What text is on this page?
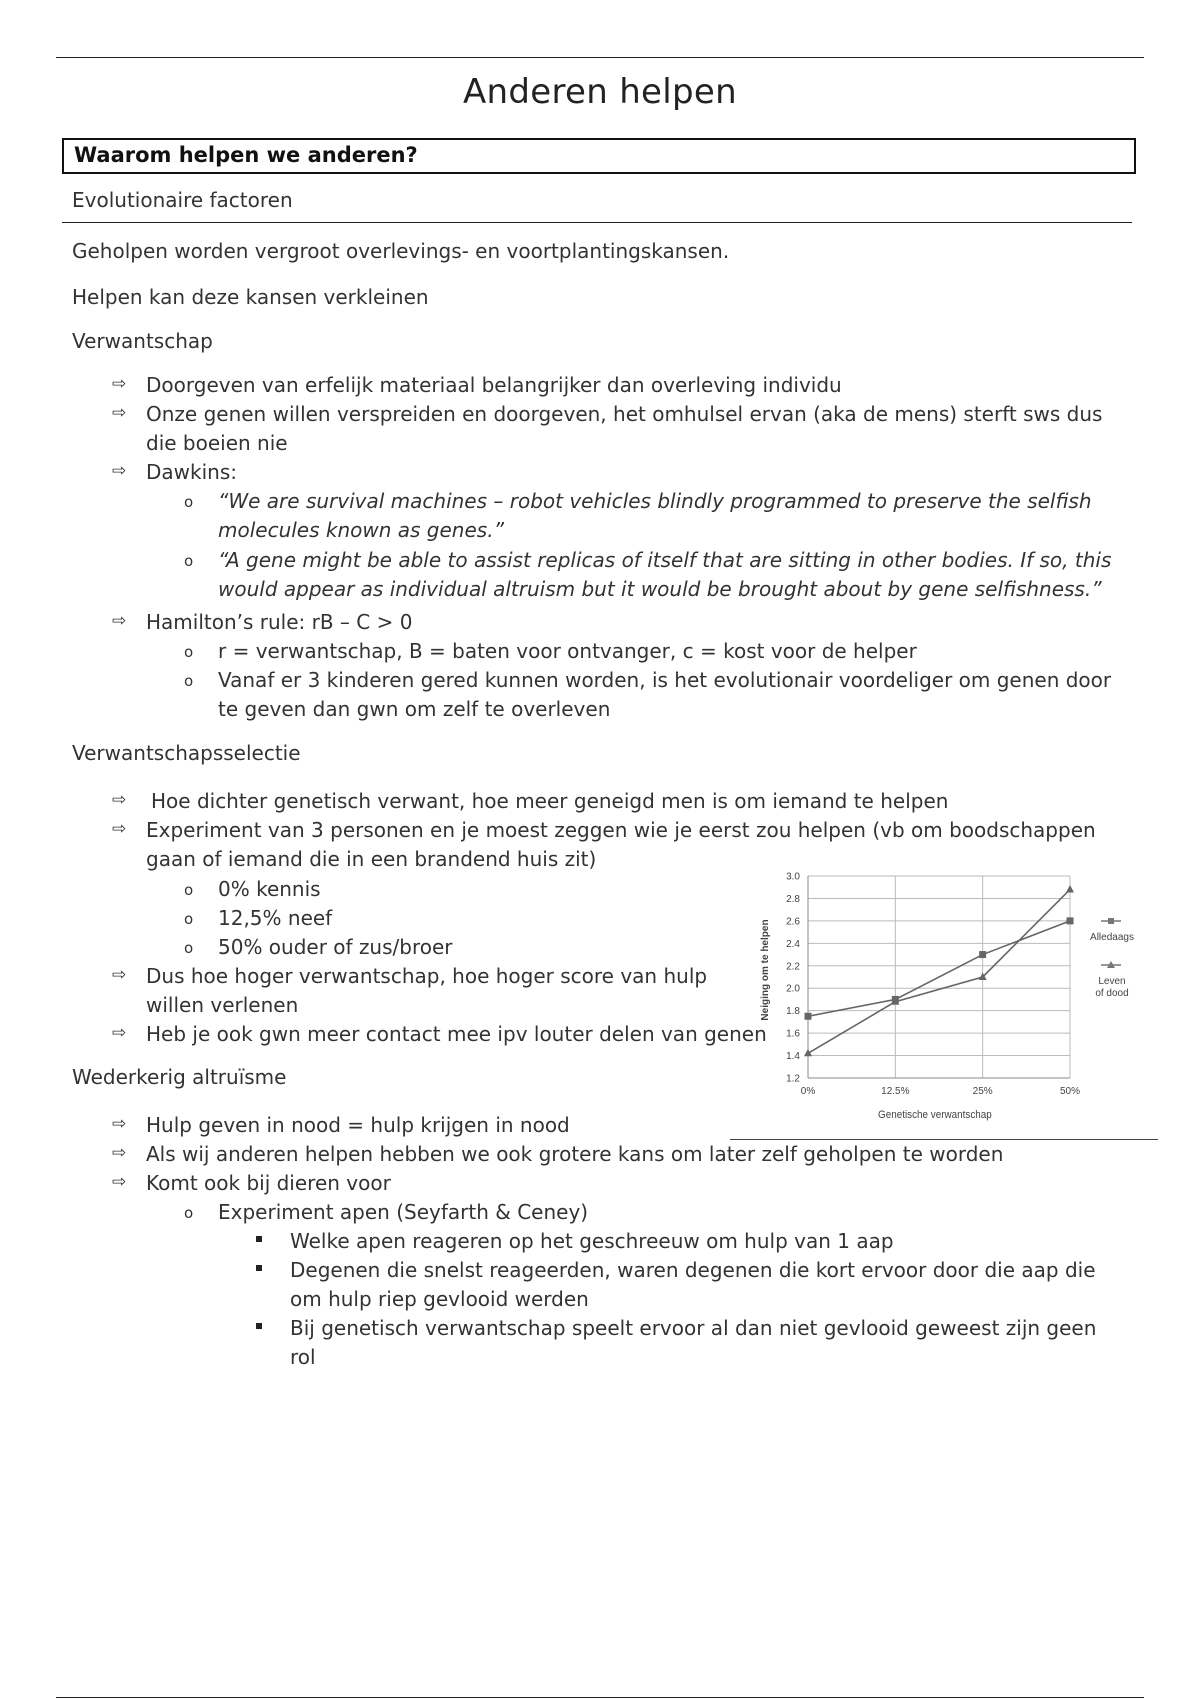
Anderen helpen
Waarom helpen we anderen?
Evolutionaire factoren
Geholpen worden vergroot overlevings- en voortplantingskansen.
Helpen kan deze kansen verkleinen
Verwantschap
⇨ Doorgeven van erfelijk materiaal belangrijker dan overleving individu
⇨ Onze genen willen verspreiden en doorgeven, het omhulsel ervan (aka de mens) sterft sws dus
die boeien nie
⇨ Dawkins:
o “We are survival machines – robot vehicles blindly programmed to preserve the selfish
molecules known as genes.”
o “A gene might be able to assist replicas of itself that are sitting in other bodies. If so, this
would appear as individual altruism but it would be brought about by gene selfishness.”
⇨ Hamilton’s rule: rB – C > 0
o r = verwantschap, B = baten voor ontvanger, c = kost voor de helper
o Vanaf er 3 kinderen gered kunnen worden, is het evolutionair voordeliger om genen door
te geven dan gwn om zelf te overleven
Verwantschapsselectie
⇨ Hoe dichter genetisch verwant, hoe meer geneigd men is om iemand te helpen
⇨ Experiment van 3 personen en je moest zeggen wie je eerst zou helpen (vb om boodschappen
gaan of iemand die in een brandend huis zit)
o 0% kennis
o 12,5% neef
o 50% ouder of zus/broer
⇨ Dus hoe hoger verwantschap, hoe hoger score van hulp
willen verlenen
⇨ Heb je ook gwn meer contact mee ipv louter delen van genen
Wederkerig altruïsme
⇨ Hulp geven in nood = hulp krijgen in nood
⇨ Als wij anderen helpen hebben we ook grotere kans om later zelf geholpen te worden
⇨ Komt ook bij dieren voor
o Experiment apen (Seyfarth & Ceney)
Welke apen reageren op het geschreeuw om hulp van 1 aap
Degenen die snelst reageerden, waren degenen die kort ervoor door die aap die
om hulp riep gevlooid werden
Bij genetisch verwantschap speelt ervoor al dan niet gevlooid geweest zijn geen
rol
1.2
1.4
1.6
1.8
2.0
2.2
2.4
2.6
2.8
3.0
0%	12.5%	25%	50%
Genetische verwantschap
Neiging om te helpen	Alledaags
Leven
of dood
